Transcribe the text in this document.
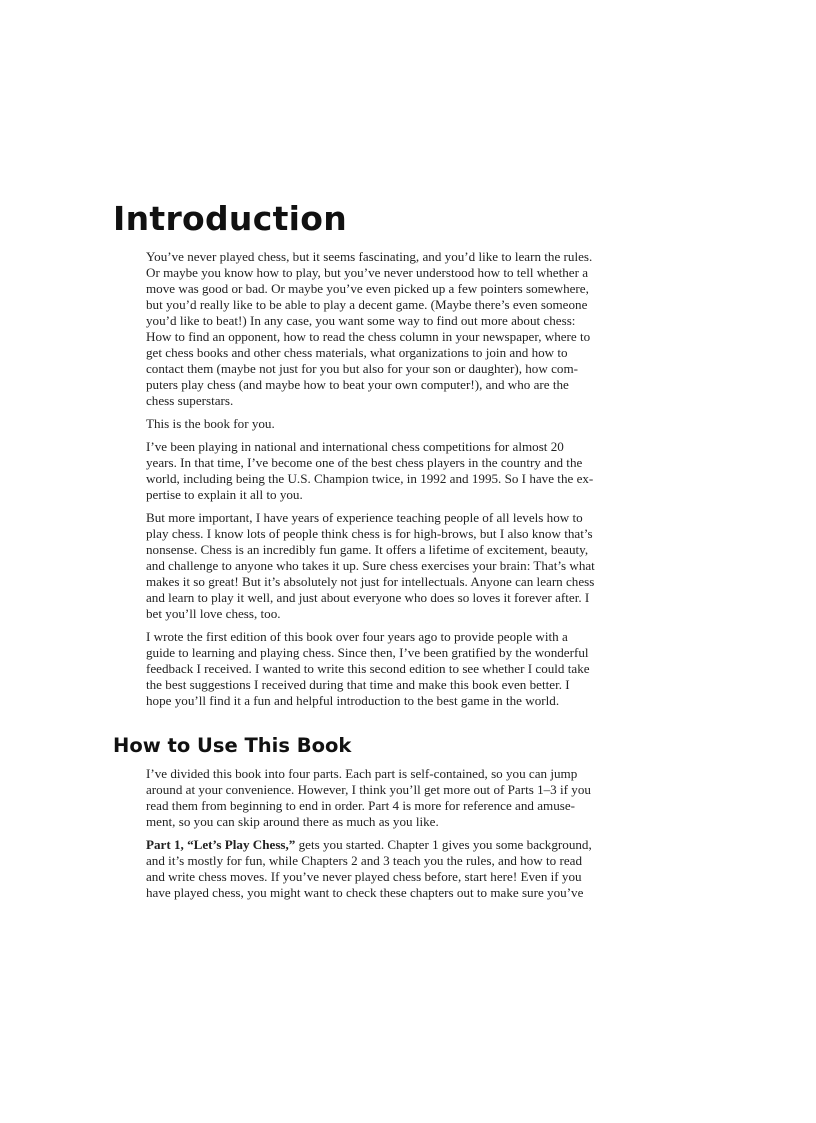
Introduction

You’ve never played chess, but it seems fascinating, and you’d like to learn the rules.
Or maybe you know how to play, but you’ve never understood how to tell whether a
move was good or bad. Or maybe you’ve even picked up a few pointers somewhere,
but you’d really like to be able to play a decent game. (Maybe there’s even someone
you’d like to beat!) In any case, you want some way to find out more about chess:
How to find an opponent, how to read the chess column in your newspaper, where to
get chess books and other chess materials, what organizations to join and how to
contact them (maybe not just for you but also for your son or daughter), how com-
puters play chess (and maybe how to beat your own computer!), and who are the
chess superstars.

This is the book for you.

I’ve been playing in national and international chess competitions for almost 20
years. In that time, I’ve become one of the best chess players in the country and the
world, including being the U.S. Champion twice, in 1992 and 1995. So I have the ex-
pertise to explain it all to you.

But more important, I have years of experience teaching people of all levels how to
play chess. I know lots of people think chess is for high-brows, but I also know that’s
nonsense. Chess is an incredibly fun game. It offers a lifetime of excitement, beauty,
and challenge to anyone who takes it up. Sure chess exercises your brain: That’s what
makes it so great! But it’s absolutely not just for intellectuals. Anyone can learn chess
and learn to play it well, and just about everyone who does so loves it forever after. I
bet you’ll love chess, too.

I wrote the first edition of this book over four years ago to provide people with a
guide to learning and playing chess. Since then, I’ve been gratified by the wonderful
feedback I received. I wanted to write this second edition to see whether I could take
the best suggestions I received during that time and make this book even better. I
hope you’ll find it a fun and helpful introduction to the best game in the world.

How to Use This Book

I’ve divided this book into four parts. Each part is self-contained, so you can jump
around at your convenience. However, I think you’ll get more out of Parts 1–3 if you
read them from beginning to end in order. Part 4 is more for reference and amuse-
ment, so you can skip around there as much as you like.

Part 1, “Let’s Play Chess,” gets you started. Chapter 1 gives you some background,
and it’s mostly for fun, while Chapters 2 and 3 teach you the rules, and how to read
and write chess moves. If you’ve never played chess before, start here! Even if you
have played chess, you might want to check these chapters out to make sure you’ve
